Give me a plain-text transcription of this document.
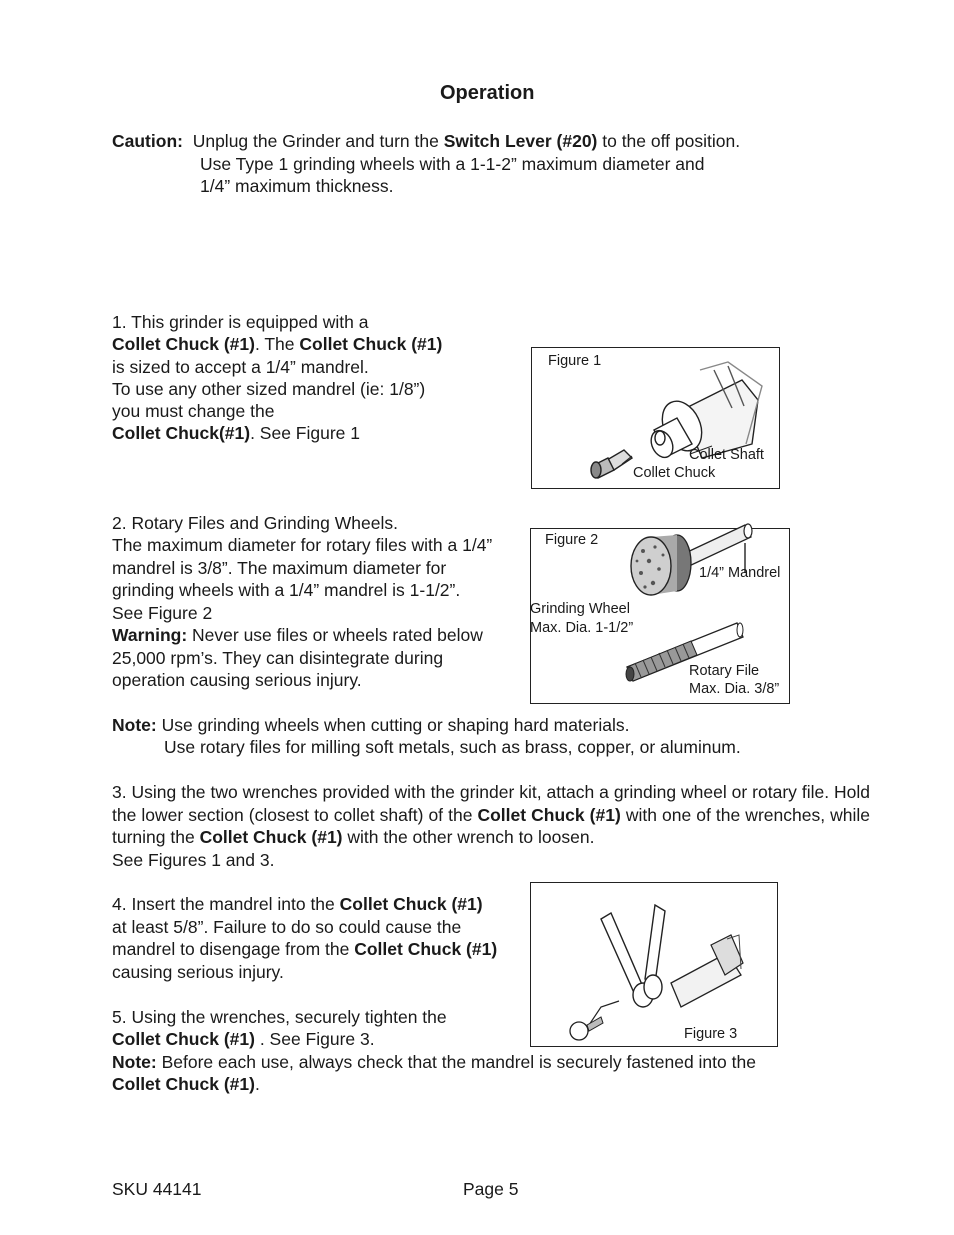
Operation
Caution: Unplug the Grinder and turn the Switch Lever (#20) to the off position.
Use Type 1 grinding wheels with a 1-1-2” maximum diameter and
1/4” maximum thickness.
1. This grinder is equipped with a
Collet Chuck (#1). The Collet Chuck (#1)
is sized to accept a 1/4” mandrel.
To use any other sized mandrel (ie: 1/8”)
you must change the
Collet Chuck(#1). See Figure 1
Figure 1
Collet Shaft
Collet Chuck
2. Rotary Files and Grinding Wheels.
The maximum diameter for rotary files with a 1/4”
mandrel is 3/8”. The maximum diameter for
grinding wheels with a 1/4” mandrel is 1-1/2”.
See Figure 2
Warning: Never use files or wheels rated below
25,000 rpm’s. They can disintegrate during
operation causing serious injury.
Figure 2
1/4” Mandrel
Grinding Wheel
Max. Dia. 1-1/2”
Rotary File
Max. Dia. 3/8”
Note: Use grinding wheels when cutting or shaping hard materials.
Use rotary files for milling soft metals, such as brass, copper, or aluminum.
3. Using the two wrenches provided with the grinder kit, attach a grinding wheel or rotary file. Hold the lower section (closest to collet shaft) of the Collet Chuck (#1) with one of the wrenches, while turning the Collet Chuck (#1) with the other wrench to loosen.
See Figures 1 and 3.
4. Insert the mandrel into the Collet Chuck (#1)
at least 5/8”. Failure to do so could cause the
mandrel to disengage from the Collet Chuck (#1)
causing serious injury.
5. Using the wrenches, securely tighten the
Collet Chuck (#1) . See Figure 3.	Figure 3
Note: Before each use, always check that the mandrel is securely fastened into the
Collet Chuck (#1).
SKU 44141	Page 5
